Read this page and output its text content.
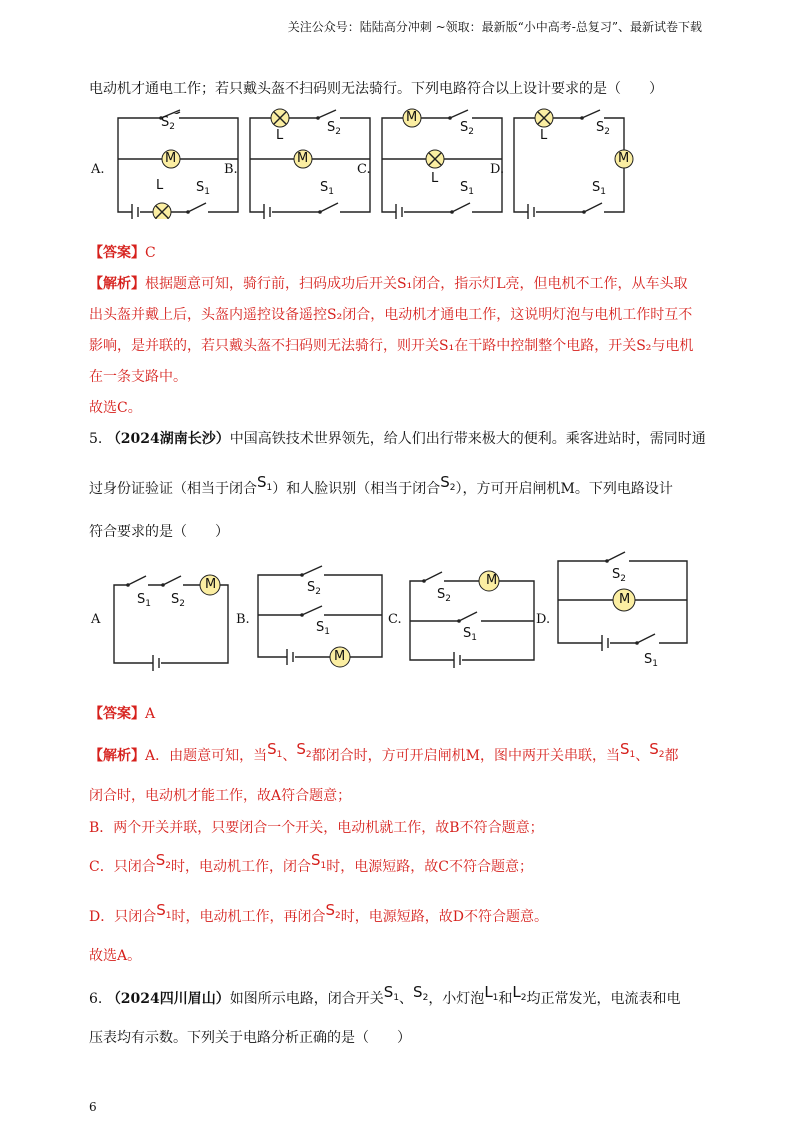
关注公众号：陆陆高分冲刺 ~领取：最新版“小中高考-总复习”、最新试卷下载
电动机才通电工作；若只戴头盔不扫码则无法骑行。下列电路符合以上设计要求的是（　　）
A.	B.	C.	D.
$S_2$
M
L	$S_1$
L
$S_2$
M
$S_1$
M
$S_2$
L
$S_1$
L
$S_2$
M
$S_1$
【答案】C
【解析】根据题意可知，骑行前，扫码成功后开关S₁闭合，指示灯L亮，但电机不工作，从车头取
出头盔并戴上后，头盔内遥控设备遥控S₂闭合，电动机才通电工作，这说明灯泡与电机工作时互不
影响，是并联的，若只戴头盔不扫码则无法骑行，则开关S₁在干路中控制整个电路，开关S₂与电机
在一条支路中。
故选C。
5. （2024湖南长沙）中国高铁技术世界领先，给人们出行带来极大的便利。乘客进站时，需同时通
过身份证验证（相当于闭合$S_1$）和人脸识别（相当于闭合$S_2$），方可开启闸机M。下列电路设计
符合要求的是（　　）
A	B.	C.	D.
$S_1$ $S_2$
M	$S_2$
$S_1$
M
$S_2$
M
$S_1$
$S_2$
M
$S_1$
【答案】A
【解析】A．由题意可知，当$S_1$、$S_2$都闭合时，方可开启闸机M，图中两开关串联，当$S_1$、$S_2$都
闭合时，电动机才能工作，故A符合题意；
B．两个开关并联，只要闭合一个开关，电动机就工作，故B不符合题意；
C．只闭合$S_2$时，电动机工作，闭合$S_1$时，电源短路，故C不符合题意；
D．只闭合$S_1$时，电动机工作，再闭合$S_2$时，电源短路，故D不符合题意。
故选A。
6. （2024四川眉山）如图所示电路，闭合开关$S_1$、$S_2$，小灯泡$L_1$和$L_2$均正常发光，电流表和电
压表均有示数。下列关于电路分析正确的是（　　）
6
